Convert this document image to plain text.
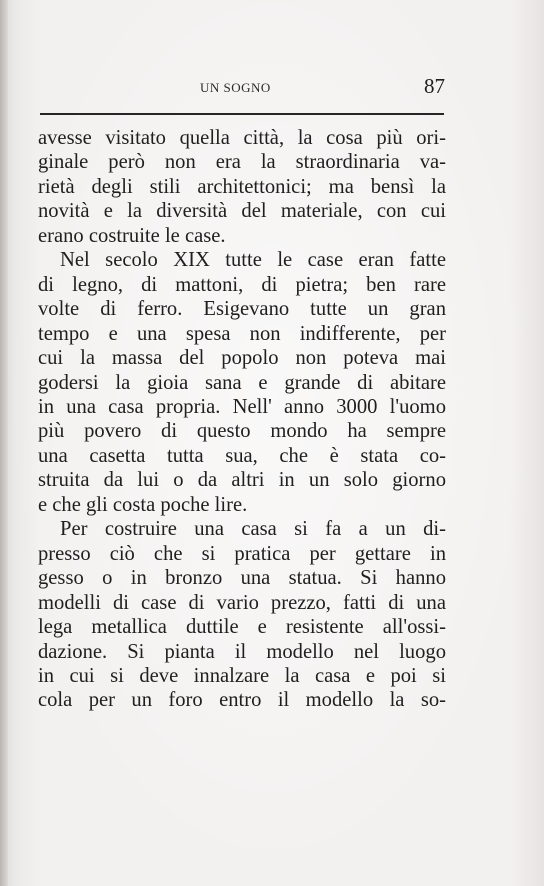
UN SOGNO	87
avesse visitato quella città, la cosa più ori-
ginale però non era la straordinaria va-
rietà degli stili architettonici; ma bensì la
novità e la diversità del materiale, con cui
erano costruite le case.
Nel secolo XIX tutte le case eran fatte
di legno, di mattoni, di pietra; ben rare
volte di ferro. Esigevano tutte un gran
tempo e una spesa non indifferente, per
cui la massa del popolo non poteva mai
godersi la gioia sana e grande di abitare
in una casa propria. Nell' anno 3000 l'uomo
più povero di questo mondo ha sempre
una casetta tutta sua, che è stata co-
struita da lui o da altri in un solo giorno
e che gli costa poche lire.
Per costruire una casa si fa a un di-
presso ciò che si pratica per gettare in
gesso o in bronzo una statua. Si hanno
modelli di case di vario prezzo, fatti di una
lega metallica duttile e resistente all'ossi-
dazione. Si pianta il modello nel luogo
in cui si deve innalzare la casa e poi si
cola per un foro entro il modello la so-
